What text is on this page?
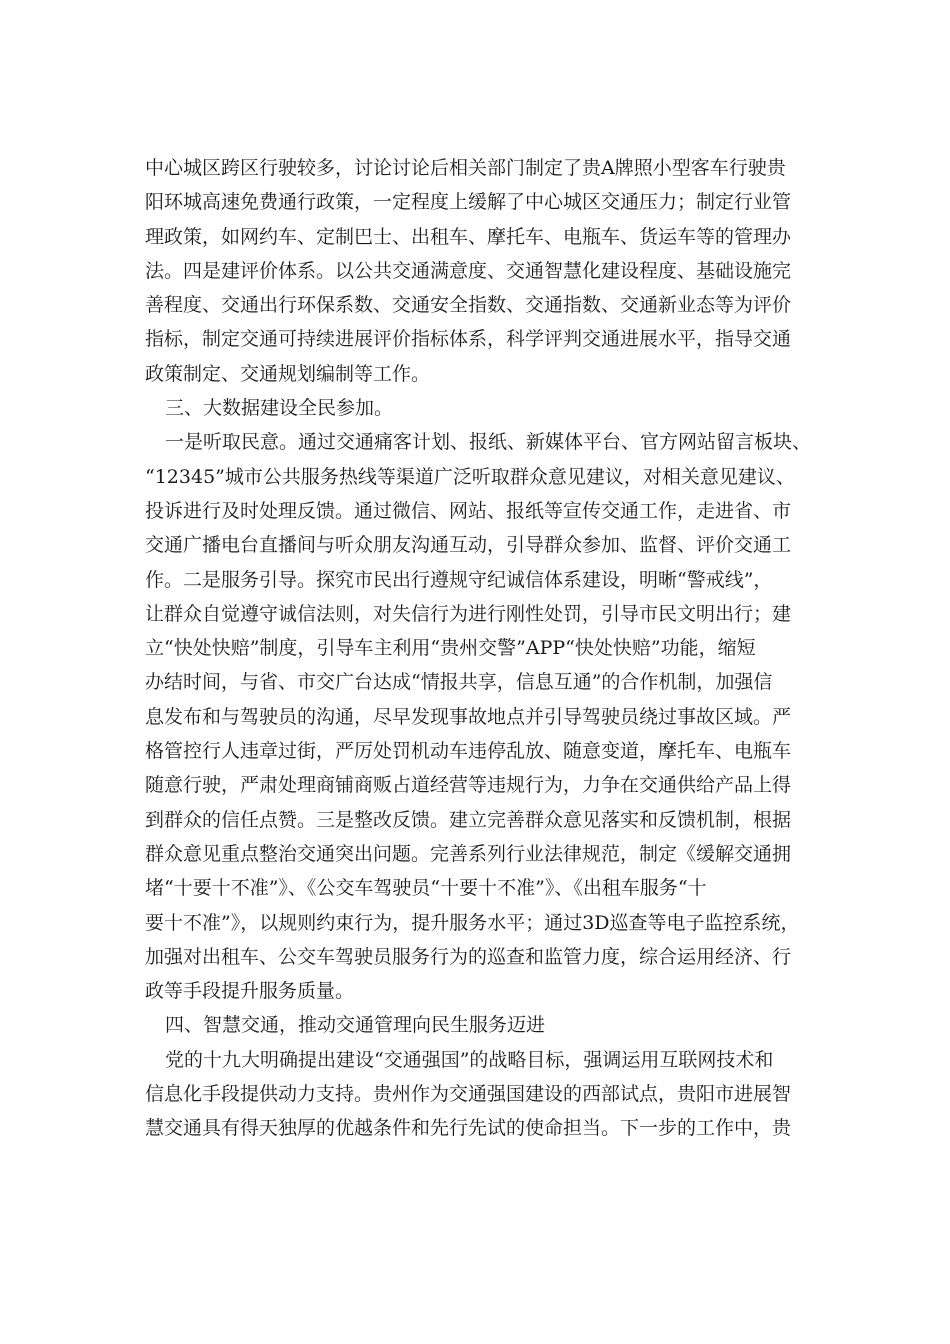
中心城区跨区行驶较多，讨论讨论后相关部门制定了贵A牌照小型客车行驶贵
阳环城高速免费通行政策，一定程度上缓解了中心城区交通压力；制定行业管
理政策，如网约车、定制巴士、出租车、摩托车、电瓶车、货运车等的管理办
法。四是建评价体系。以公共交通满意度、交通智慧化建设程度、基础设施完
善程度、交通出行环保系数、交通安全指数、交通指数、交通新业态等为评价
指标，制定交通可持续进展评价指标体系，科学评判交通进展水平，指导交通
政策制定、交通规划编制等工作。
三、大数据建设全民参加。
一是听取民意。通过交通痛客计划、报纸、新媒体平台、官方网站留言板块、
“12345”城市公共服务热线等渠道广泛听取群众意见建议，对相关意见建议、
投诉进行及时处理反馈。通过微信、网站、报纸等宣传交通工作，走进省、市
交通广播电台直播间与听众朋友沟通互动，引导群众参加、监督、评价交通工
作。二是服务引导。探究市民出行遵规守纪诚信体系建设，明晰“警戒线”，
让群众自觉遵守诚信法则，对失信行为进行刚性处罚，引导市民文明出行；建
立“快处快赔”制度，引导车主利用“贵州交警”APP“快处快赔”功能，缩短
办结时间，与省、市交广台达成“情报共享，信息互通”的合作机制，加强信
息发布和与驾驶员的沟通，尽早发现事故地点并引导驾驶员绕过事故区域。严
格管控行人违章过街，严厉处罚机动车违停乱放、随意变道，摩托车、电瓶车
随意行驶，严肃处理商铺商贩占道经营等违规行为，力争在交通供给产品上得
到群众的信任点赞。三是整改反馈。建立完善群众意见落实和反馈机制，根据
群众意见重点整治交通突出问题。完善系列行业法律规范，制定《缓解交通拥
堵“十要十不准”》、《公交车驾驶员“十要十不准”》、《出租车服务“十
要十不准”》，以规则约束行为，提升服务水平；通过3D巡查等电子监控系统，
加强对出租车、公交车驾驶员服务行为的巡查和监管力度，综合运用经济、行
政等手段提升服务质量。
四、智慧交通，推动交通管理向民生服务迈进
党的十九大明确提出建设“交通强国”的战略目标，强调运用互联网技术和
信息化手段提供动力支持。贵州作为交通强国建设的西部试点，贵阳市进展智
慧交通具有得天独厚的优越条件和先行先试的使命担当。下一步的工作中，贵
